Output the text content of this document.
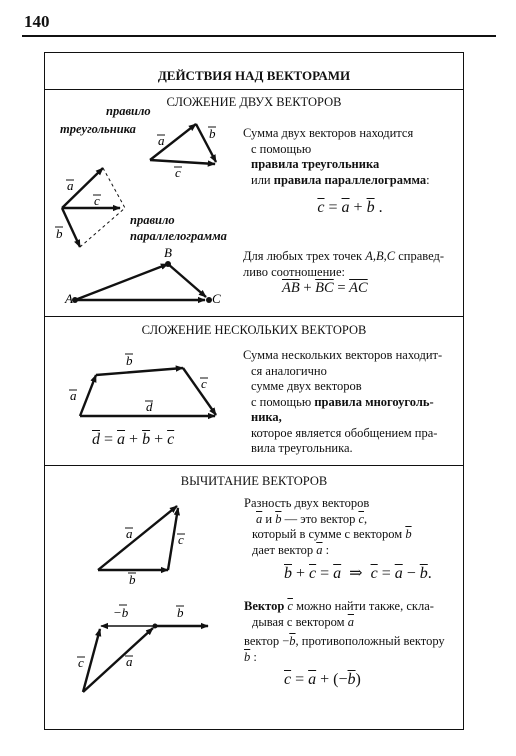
140
ДЕЙСТВИЯ НАД ВЕКТОРАМИ
СЛОЖЕНИЕ ДВУХ ВЕКТОРОВ
СЛОЖЕНИЕ НЕСКОЛЬКИХ ВЕКТОРОВ
ВЫЧИТАНИЕ ВЕКТОРОВ
a	b
c
a
c
b
A
B
C
a
b
c
d
a	c
b
−b	b
c	a
правило
треугольника
правило
параллелограмма
Сумма двух векторов находится
с помощью
правила треугольника
или правила параллелограмма:
$\overline{c} = \overline{a} + \overline{b}$ .
Для любых трех точек A,B,C справед-
ливо соотношение:
$\overline{AB} + \overline{BC} = \overline{AC}$
Сумма нескольких векторов находит-
ся аналогично
сумме двух векторов
с помощью правила многоуголь-
ника,
которое является обобщением пра-
вила треугольника.
$\overline{d} = \overline{a} + \overline{b} + \overline{c}$
Разность двух векторов
$\overline{a}$ и $\overline{b}$ — это вектор $\overline{c}$,
который в сумме с вектором $\overline{b}$
дает вектор $\overline{a}$ :
$\overline{b} + \overline{c} = \overline{a}$ ⇒ $\overline{c} = \overline{a} - \overline{b}$.
Вектор $\overline{c}$ можно найти также, скла-
дывая с вектором $\overline{a}$
вектор $-\overline{b}$, противоположный вектору
$\overline{b}$ :
$\overline{c} = \overline{a} + (-\overline{b})$
